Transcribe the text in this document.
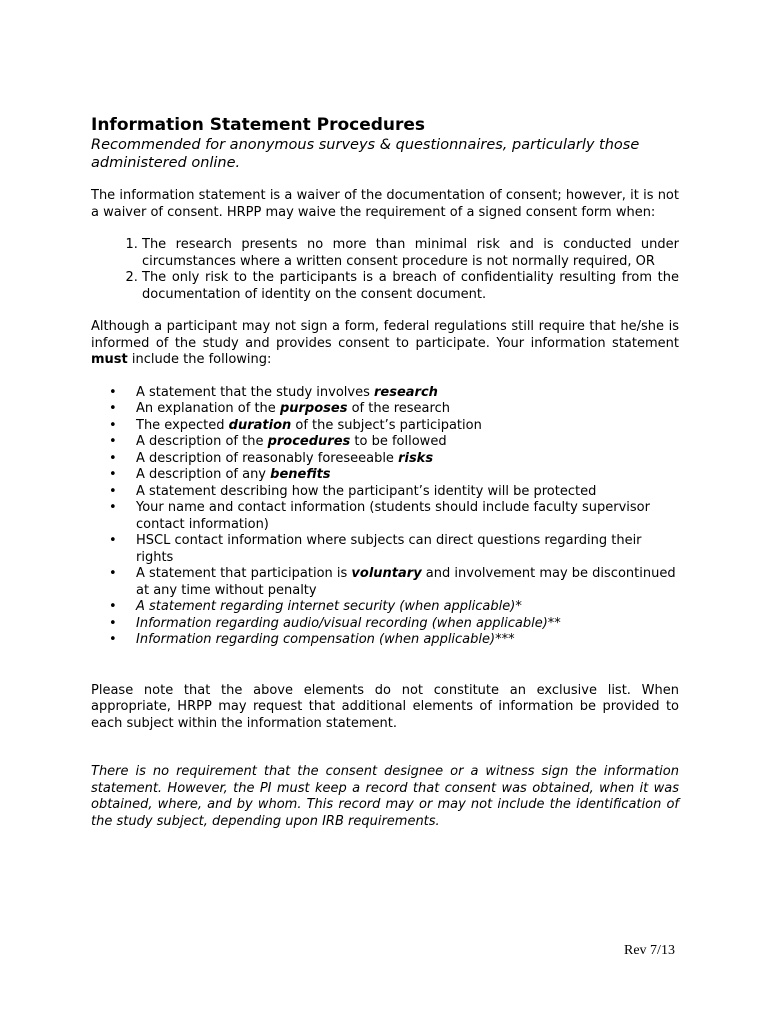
Information Statement Procedures
Recommended for anonymous surveys & questionnaires, particularly those administered online.

The information statement is a waiver of the documentation of consent; however, it is not a waiver of consent. HRPP may waive the requirement of a signed consent form when:

1. The research presents no more than minimal risk and is conducted under circumstances where a written consent procedure is not normally required, OR
2. The only risk to the participants is a breach of confidentiality resulting from the documentation of identity on the consent document.

Although a participant may not sign a form, federal regulations still require that he/she is informed of the study and provides consent to participate. Your information statement must include the following:

• A statement that the study involves research
• An explanation of the purposes of the research
• The expected duration of the subject’s participation
• A description of the procedures to be followed
• A description of reasonably foreseeable risks
• A description of any benefits
• A statement describing how the participant’s identity will be protected
• Your name and contact information (students should include faculty supervisor contact information)
• HSCL contact information where subjects can direct questions regarding their rights
• A statement that participation is voluntary and involvement may be discontinued at any time without penalty
• A statement regarding internet security (when applicable)*
• Information regarding audio/visual recording (when applicable)**
• Information regarding compensation (when applicable)***

Please note that the above elements do not constitute an exclusive list. When appropriate, HRPP may request that additional elements of information be provided to each subject within the information statement.

There is no requirement that the consent designee or a witness sign the information statement. However, the PI must keep a record that consent was obtained, when it was obtained, where, and by whom. This record may or may not include the identification of the study subject, depending upon IRB requirements.

Rev 7/13
